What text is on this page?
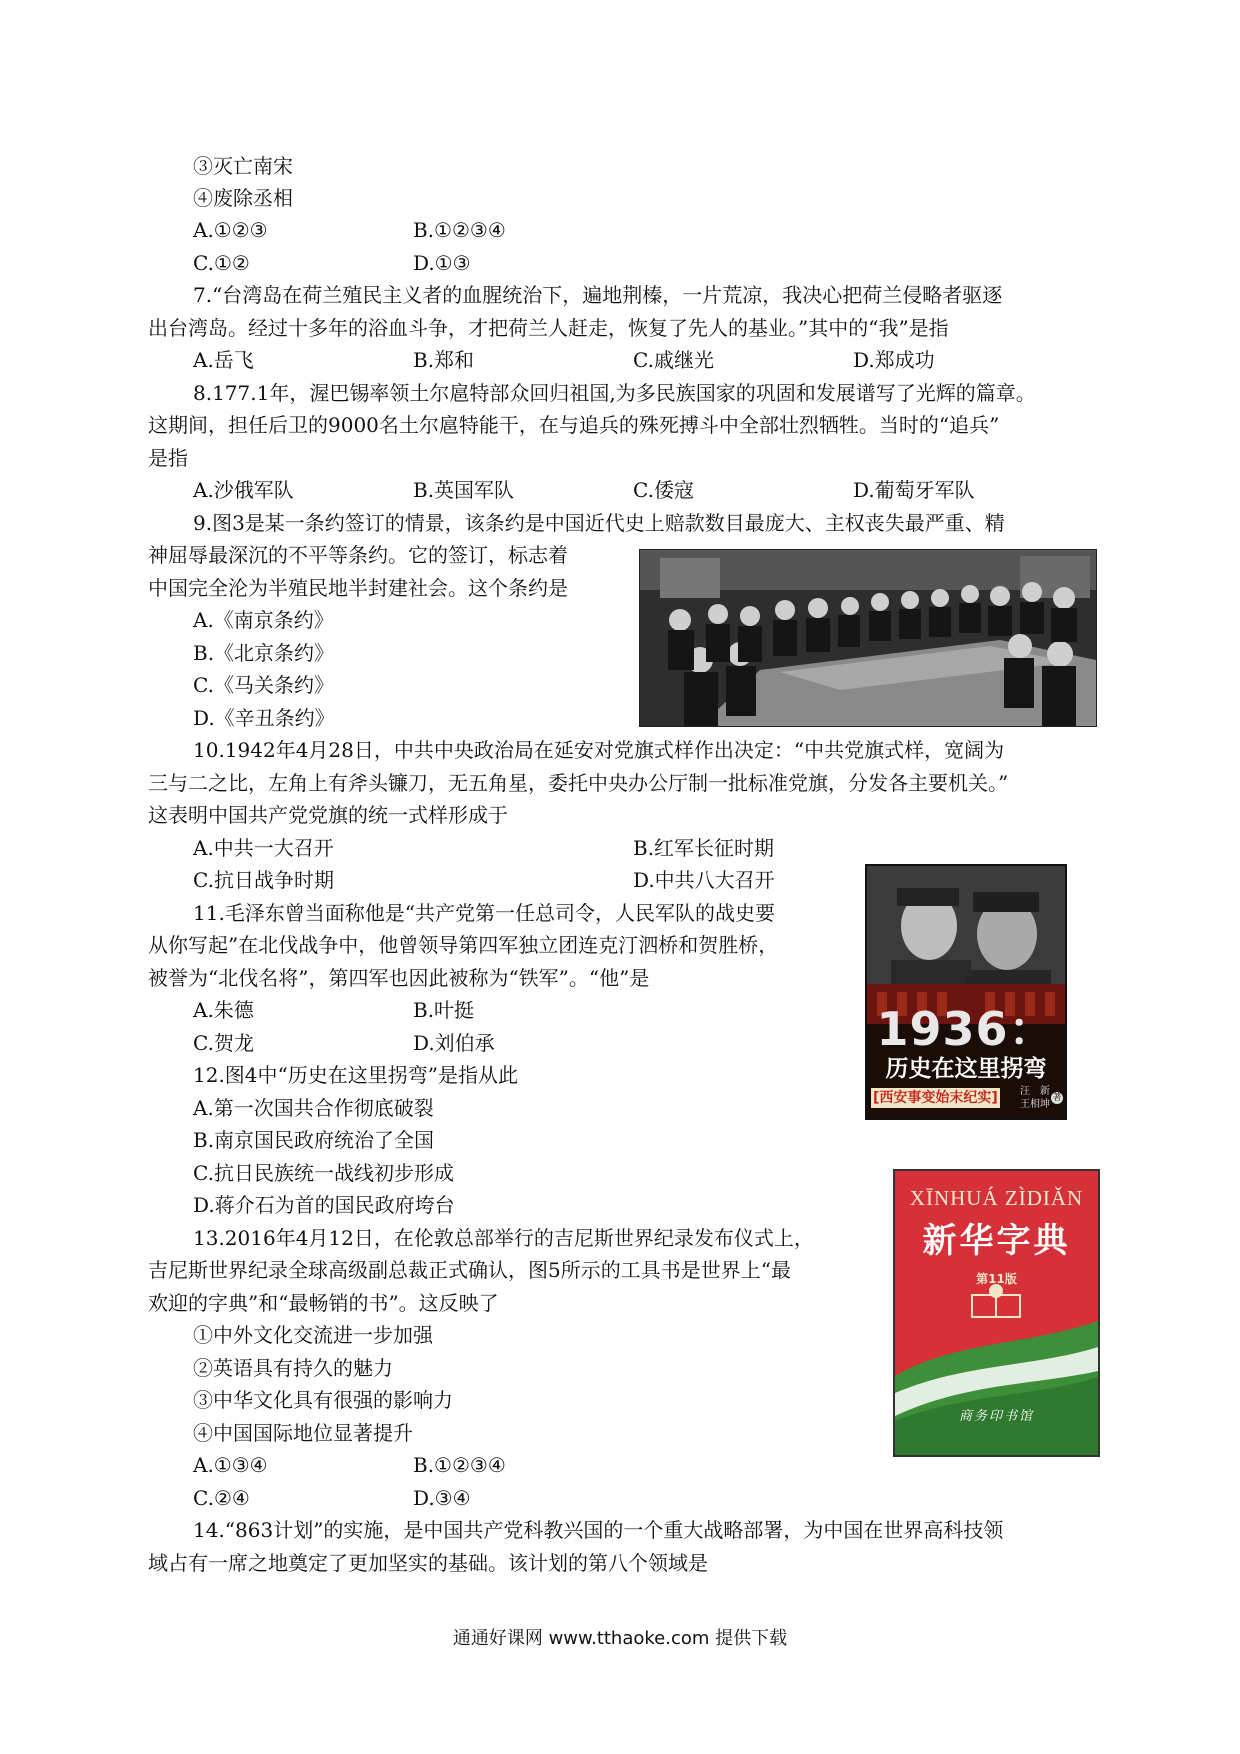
③灭亡南宋
④废除丞相
A.①②③	B.①②③④
C.①②	D.①③
7.“台湾岛在荷兰殖民主义者的血腥统治下，遍地荆榛，一片荒凉，我决心把荷兰侵略者驱逐
出台湾岛。经过十多年的浴血斗争，才把荷兰人赶走，恢复了先人的基业。”其中的“我”是指
A.岳飞	B.郑和	C.戚继光	D.郑成功
8.177.1年，渥巴锡率领土尔扈特部众回归祖国,为多民族国家的巩固和发展谱写了光辉的篇章。
这期间，担任后卫的9000名土尔扈特能干，在与追兵的殊死搏斗中全部壮烈牺牲。当时的“追兵”
是指
A.沙俄军队	B.英国军队	C.倭寇	D.葡萄牙军队
9.图3是某一条约签订的情景，该条约是中国近代史上赔款数目最庞大、主权丧失最严重、精
神屈辱最深沉的不平等条约。它的签订，标志着
中国完全沦为半殖民地半封建社会。这个条约是
A.《南京条约》
B.《北京条约》
C.《马关条约》
D.《辛丑条约》
10.1942年4月28日，中共中央政治局在延安对党旗式样作出决定：“中共党旗式样，宽阔为
三与二之比，左角上有斧头镰刀，无五角星，委托中央办公厅制一批标准党旗，分发各主要机关。”
这表明中国共产党党旗的统一式样形成于
A.中共一大召开	B.红军长征时期
C.抗日战争时期	D.中共八大召开
11.毛泽东曾当面称他是“共产党第一任总司令，人民军队的战史要
从你写起”在北伐战争中，他曾领导第四军独立团连克汀泗桥和贺胜桥，
被誉为“北伐名将”，第四军也因此被称为“铁军”。“他”是
A.朱德	B.叶挺
C.贺龙	D.刘伯承	1936：
历史在这里拐弯
[西安事变始末纪实] 汪　新
王相坤
著
12.图4中“历史在这里拐弯”是指从此
A.第一次国共合作彻底破裂
B.南京国民政府统治了全国
C.抗日民族统一战线初步形成
D.蒋介石为首的国民政府垮台	XĪNHUÁ ZÌDIǍN
新华字典
第11版
商务印书馆
13.2016年4月12日，在伦敦总部举行的吉尼斯世界纪录发布仪式上，
吉尼斯世界纪录全球高级副总裁正式确认，图5所示的工具书是世界上“最
欢迎的字典”和“最畅销的书”。这反映了
①中外文化交流进一步加强
②英语具有持久的魅力
③中华文化具有很强的影响力
④中国国际地位显著提升
A.①③④	B.①②③④
C.②④	D.③④
14.“863计划”的实施，是中国共产党科教兴国的一个重大战略部署，为中国在世界高科技领
域占有一席之地奠定了更加坚实的基础。该计划的第八个领域是
通通好课网 www.tthaoke.com 提供下载
